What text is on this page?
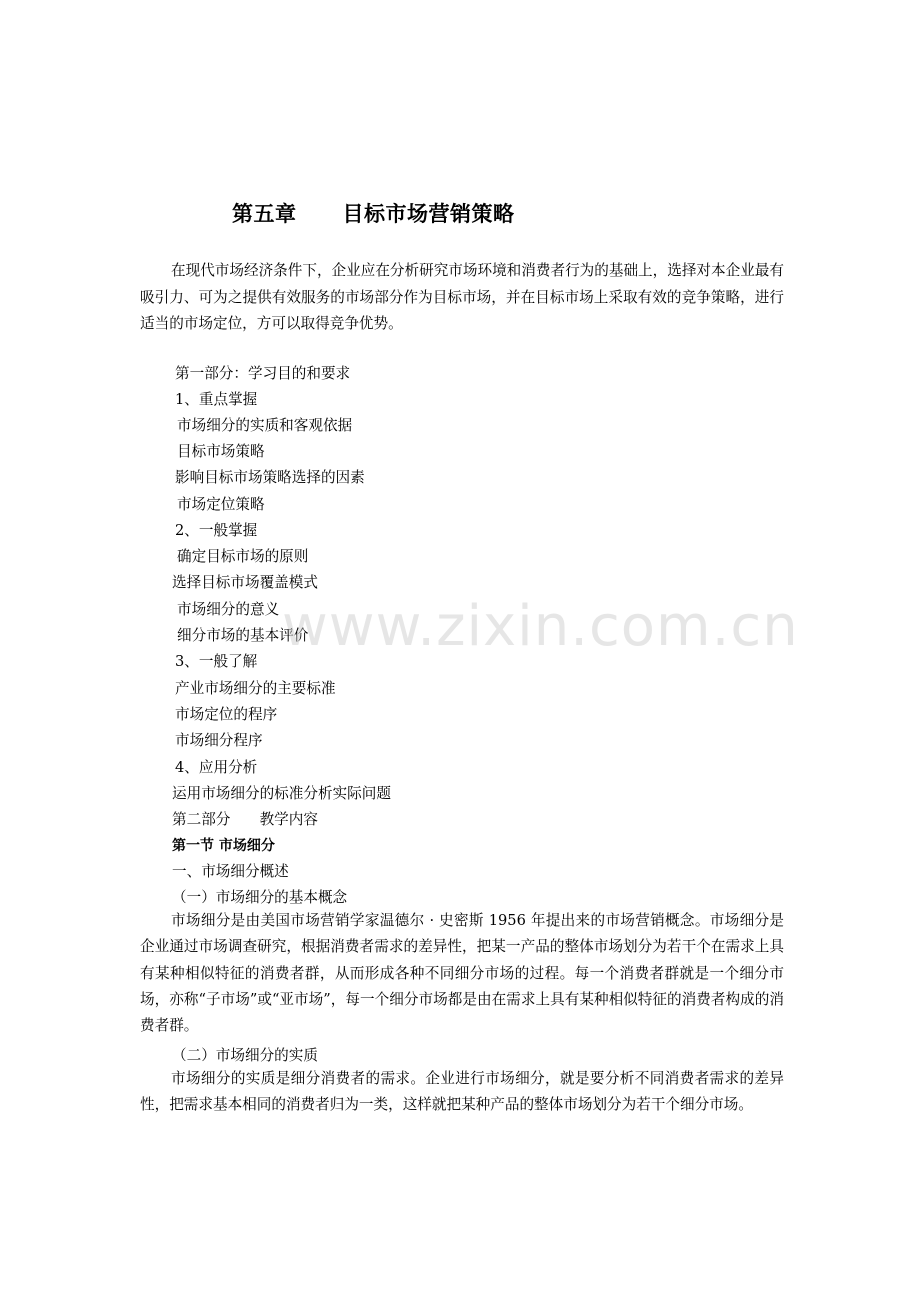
第五章 目标市场营销策略
在现代市场经济条件下，企业应在分析研究市场环境和消费者行为的基础上，选择对本企业最有吸引力、可为之提供有效服务的市场部分作为目标市场，并在目标市场上采取有效的竞争策略，进行适当的市场定位，方可以取得竞争优势。
第一部分：学习目的和要求
1、重点掌握
市场细分的实质和客观依据
目标市场策略
影响目标市场策略选择的因素
市场定位策略
2、一般掌握
确定目标市场的原则
选择目标市场覆盖模式
市场细分的意义
细分市场的基本评价
3、一般了解
产业市场细分的主要标准
市场定位的程序
市场细分程序
4、应用分析
运用市场细分的标准分析实际问题
第二部分　　教学内容
第一节 市场细分
一、市场细分概述
（一）市场细分的基本概念
市场细分是由美国市场营销学家温德尔 · 史密斯 1956 年提出来的市场营销概念。市场细分是企业通过市场调查研究，根据消费者需求的差异性，把某一产品的整体市场划分为若干个在需求上具有某种相似特征的消费者群，从而形成各种不同细分市场的过程。每一个消费者群就是一个细分市场，亦称“子市场”或“亚市场”，每一个细分市场都是由在需求上具有某种相似特征的消费者构成的消费者群。
（二）市场细分的实质
市场细分的实质是细分消费者的需求。企业进行市场细分，就是要分析不同消费者需求的差异性，把需求基本相同的消费者归为一类，这样就把某种产品的整体市场划分为若干个细分市场。
www.zixin.com.cn
